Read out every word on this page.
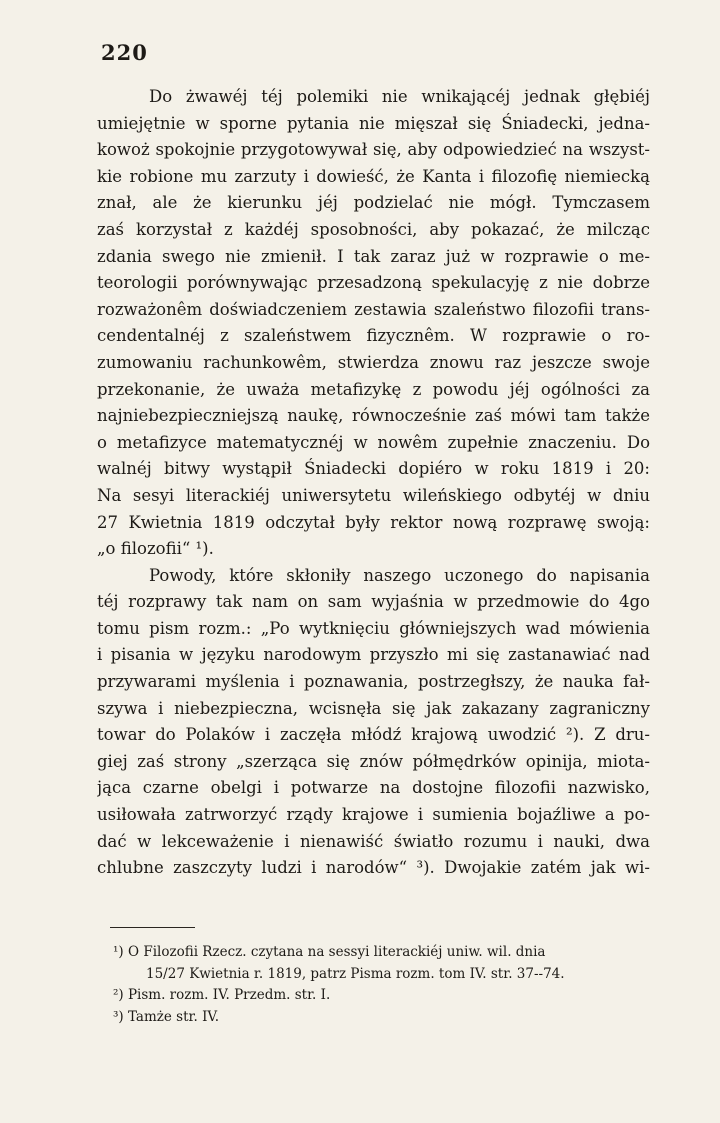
220
Do żwawéj téj polemiki nie wnikającéj jednak głębiéj
umiejętnie w sporne pytania nie mięszał się Śniadecki, jedna-
kowoż spokojnie przygotowywał się, aby odpowiedzieć na wszyst-
kie robione mu zarzuty i dowieść, że Kanta i filozofię niemiecką
znał, ale że kierunku jéj podzielać nie mógł. Tymczasem
zaś korzystał z każdéj sposobności, aby pokazać, że milcząc
zdania swego nie zmienił. I tak zaraz już w rozprawie o me-
teorologii porównywając przesadzoną spekulacyję z nie dobrze
rozważonêm doświadczeniem zestawia szaleństwo filozofii trans-
cendentalnéj z szaleństwem fizycznêm. W rozprawie o ro-
zumowaniu rachunkowêm, stwierdza znowu raz jeszcze swoje
przekonanie, że uważa metafizykę z powodu jéj ogólności za
najniebezpieczniejszą naukę, równocześnie zaś mówi tam także
o metafizyce matematycznéj w nowêm zupełnie znaczeniu. Do
walnéj bitwy wystąpił Śniadecki dopiéro w roku 1819 i 20:
Na sesyi literackiéj uniwersytetu wileńskiego odbytéj w dniu
27 Kwietnia 1819 odczytał były rektor nową rozprawę swoją:
„o filozofii“ ¹).
Powody, które skłoniły naszego uczonego do napisania
téj rozprawy tak nam on sam wyjaśnia w przedmowie do 4go
tomu pism rozm.: „Po wytknięciu główniejszych wad mówienia
i pisania w języku narodowym przyszło mi się zastanawiać nad
przywarami myślenia i poznawania, postrzegłszy, że nauka fał-
szywa i niebezpieczna, wcisnęła się jak zakazany zagraniczny
towar do Polaków i zaczęła młódź krajową uwodzić ²). Z dru-
giej zaś strony „szerząca się znów półmędrków opinija, miota-
jąca czarne obelgi i potwarze na dostojne filozofii nazwisko,
usiłowała zatrworzyć rządy krajowe i sumienia bojaźliwe a po-
dać w lekceważenie i nienawiść światło rozumu i nauki, dwa
chlubne zaszczyty ludzi i narodów“ ³). Dwojakie zatém jak wi-
¹) O Filozofii Rzecz. czytana na sessyi literackiéj uniw. wil. dnia
15/27 Kwietnia r. 1819, patrz Pisma rozm. tom IV. str. 37--74.
²) Pism. rozm. IV. Przedm. str. I.
³) Tamże str. IV.
